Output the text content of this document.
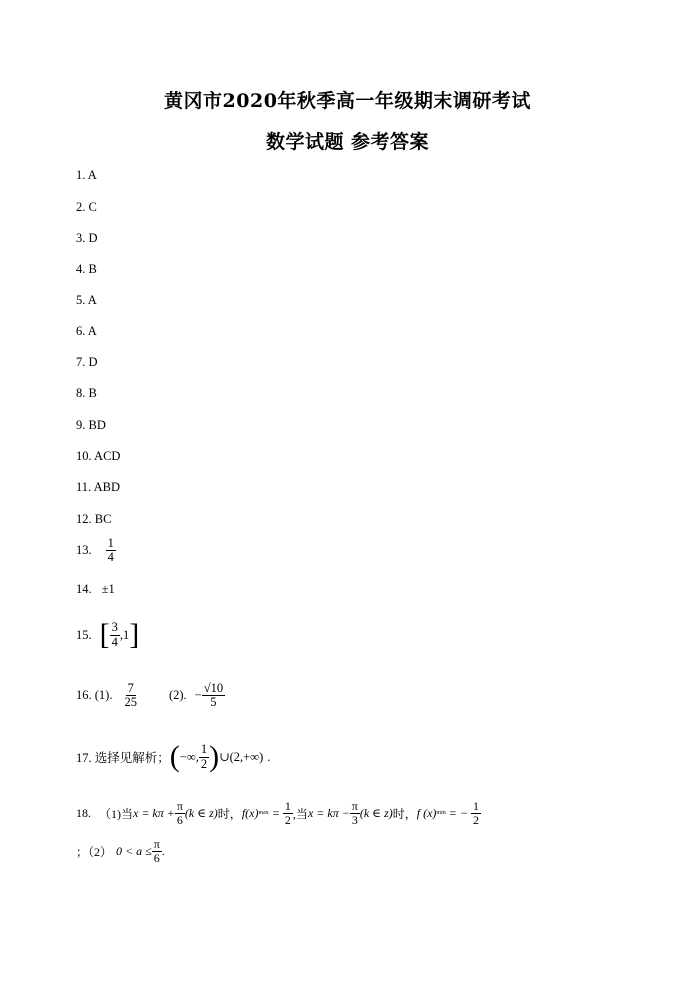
黄冈市2020年秋季高一年级期末调研考试
数学试题 参考答案
1. A
2. C
3. D
4. B
5. A
6. A
7. D
8. B
9. BD
10. ACD
11. ABD
12. BC
13. $\frac{1}{4}$
14. ±1
15. [ $\frac{3}{4} ,1$ ]
16. (1). $\frac{7}{25} (2)$. − $\frac{√10}{5}$
17. 选择见解析； ( −∞, $\frac{1}{2}$ ) ∪ (2,+∞) .
18. （1)当 $x = k\pi + \frac{\pi}{6} (k$ ∈ z) 时， f(x) $\max = \frac{1}{2}$ ,当 $x = k\pi - \frac{\pi}{3} (k$ ∈ z) 时， f (x) min = − $\frac{1}{2}$
；（2） $0 < a \le \frac{\pi}{6}$ .
